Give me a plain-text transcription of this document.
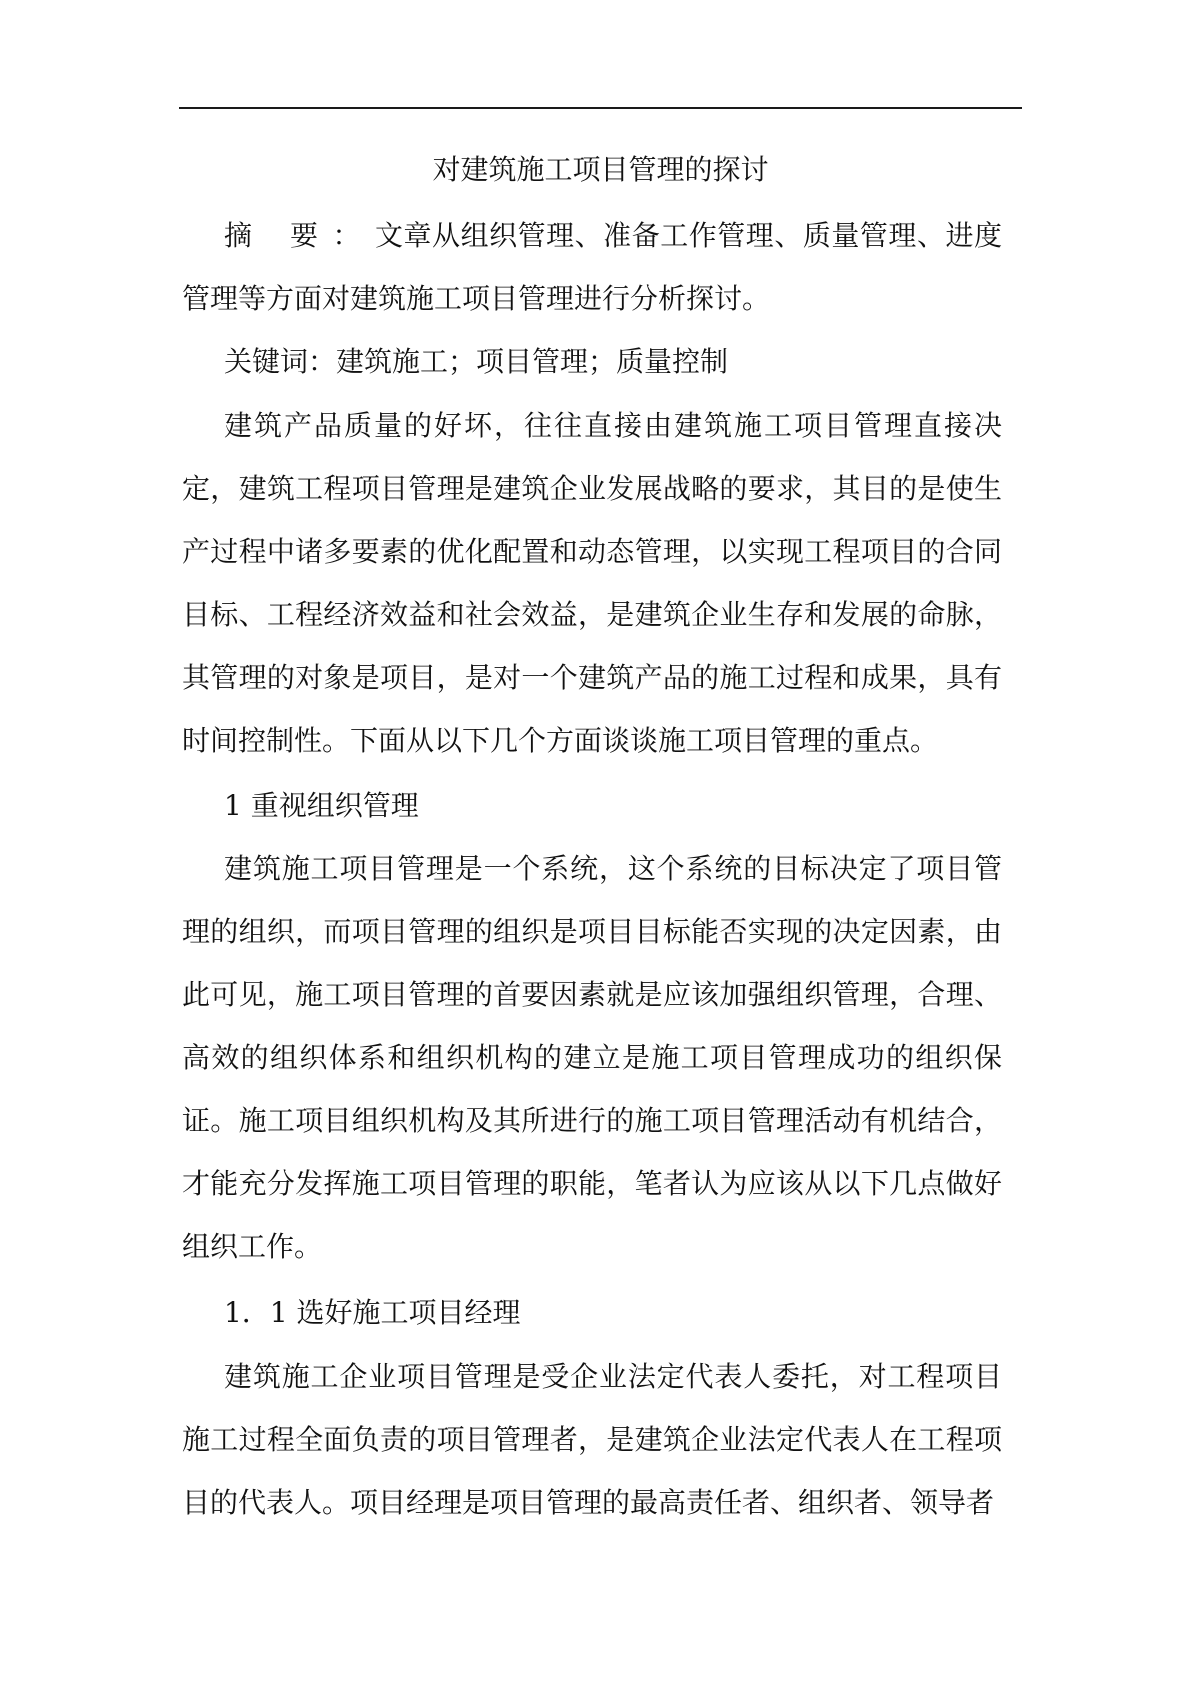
对建筑施工项目管理的探讨
摘 要：文章从组织管理、准备工作管理、质量管理、进度管理等方面对建筑施工项目管理进行分析探讨。
关键词：建筑施工；项目管理；质量控制
建筑产品质量的好坏，往往直接由建筑施工项目管理直接决定，建筑工程项目管理是建筑企业发展战略的要求，其目的是使生产过程中诸多要素的优化配置和动态管理，以实现工程项目的合同目标、工程经济效益和社会效益，是建筑企业生存和发展的命脉，其管理的对象是项目，是对一个建筑产品的施工过程和成果，具有时间控制性。下面从以下几个方面谈谈施工项目管理的重点。
1 重视组织管理
建筑施工项目管理是一个系统，这个系统的目标决定了项目管理的组织，而项目管理的组织是项目目标能否实现的决定因素，由此可见，施工项目管理的首要因素就是应该加强组织管理，合理、高效的组织体系和组织机构的建立是施工项目管理成功的组织保证。施工项目组织机构及其所进行的施工项目管理活动有机结合，才能充分发挥施工项目管理的职能，笔者认为应该从以下几点做好组织工作。
1．1 选好施工项目经理
建筑施工企业项目管理是受企业法定代表人委托，对工程项目施工过程全面负责的项目管理者，是建筑企业法定代表人在工程项目的代表人。项目经理是项目管理的最高责任者、组织者、领导者
